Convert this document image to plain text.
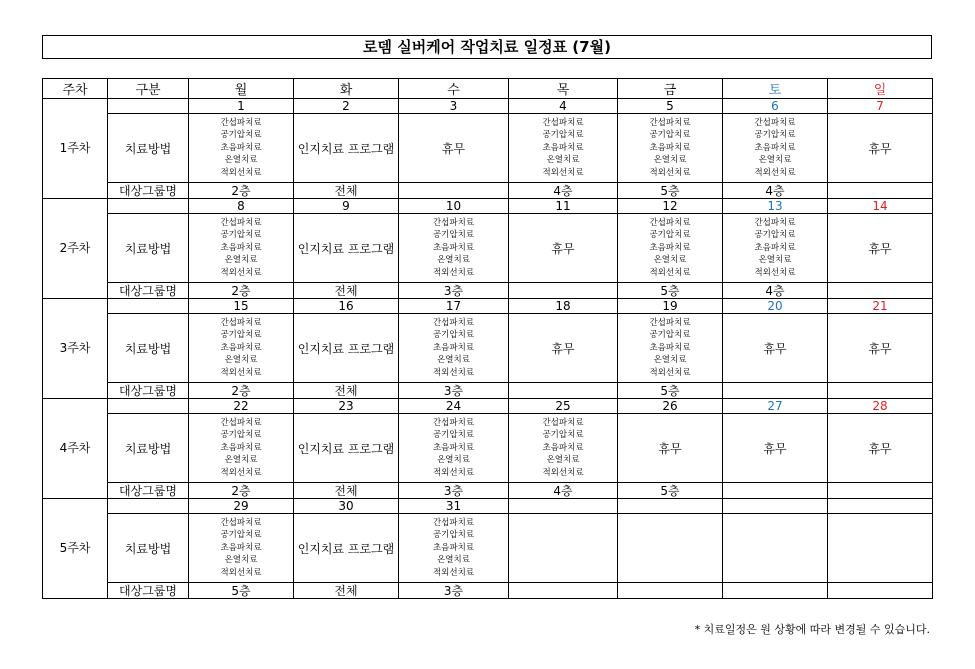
로뎀 실버케어 작업치료 일정표 (7월)
주차	구분	월	화	수	목	금	토	일
1주차		1	2	3	4	5	6	7
	치료방법	간섭파치료
공기압치료
초음파치료
온열치료
적외선치료	인지치료 프로그램	휴무	간섭파치료
공기압치료
초음파치료
온열치료
적외선치료	간섭파치료
공기압치료
초음파치료
온열치료
적외선치료	간섭파치료
공기압치료
초음파치료
온열치료
적외선치료	휴무
	대상그룹명	2층	전체		4층	5층	4층	
2주차		8	9	10	11	12	13	14
	치료방법	간섭파치료
공기압치료
초음파치료
온열치료
적외선치료	인지치료 프로그램	간섭파치료
공기압치료
초음파치료
온열치료
적외선치료	휴무	간섭파치료
공기압치료
초음파치료
온열치료
적외선치료	간섭파치료
공기압치료
초음파치료
온열치료
적외선치료	휴무
	대상그룹명	2층	전체	3층		5층	4층	
3주차		15	16	17	18	19	20	21
	치료방법	간섭파치료
공기압치료
초음파치료
온열치료
적외선치료	인지치료 프로그램	간섭파치료
공기압치료
초음파치료
온열치료
적외선치료	휴무	간섭파치료
공기압치료
초음파치료
온열치료
적외선치료	휴무	휴무
	대상그룹명	2층	전체	3층		5층		
4주차		22	23	24	25	26	27	28
	치료방법	간섭파치료
공기압치료
초음파치료
온열치료
적외선치료	인지치료 프로그램	간섭파치료
공기압치료
초음파치료
온열치료
적외선치료	간섭파치료
공기압치료
초음파치료
온열치료
적외선치료	휴무	휴무	휴무
	대상그룹명	2층	전체	3층	4층	5층		
5주차		29	30	31				
	치료방법	간섭파치료
공기압치료
초음파치료
온열치료
적외선치료	인지치료 프로그램	간섭파치료
공기압치료
초음파치료
온열치료
적외선치료				

	대상그룹명	5층	전체	3층				
* 치료일정은 원 상황에 따라 변경될 수 있습니다.
